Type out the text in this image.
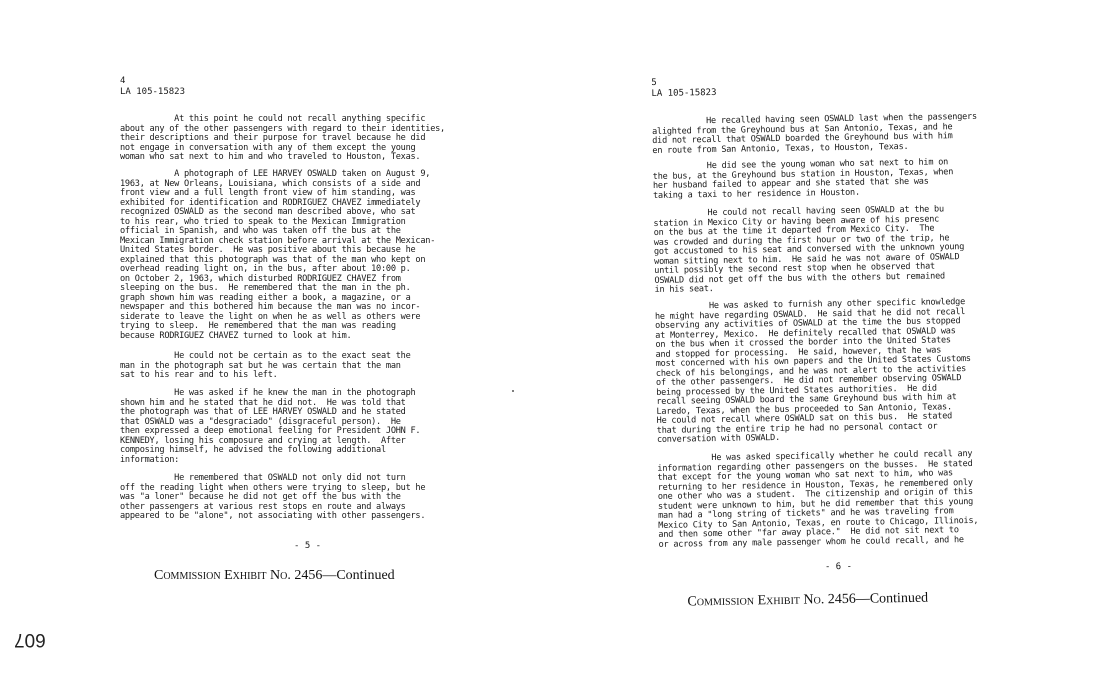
4
LA 105-15823
At this point he could not recall anything specific
about any of the other passengers with regard to their identities,
their descriptions and their purpose for travel because he did
not engage in conversation with any of them except the young
woman who sat next to him and who traveled to Houston, Texas.
A photograph of LEE HARVEY OSWALD taken on August 9,
1963, at New Orleans, Louisiana, which consists of a side and
front view and a full length front view of him standing, was
exhibited for identification and RODRIGUEZ CHAVEZ immediately
recognized OSWALD as the second man described above, who sat
to his rear, who tried to speak to the Mexican Immigration
official in Spanish, and who was taken off the bus at the
Mexican Immigration check station before arrival at the Mexican-
United States border.  He was positive about this because he
explained that this photograph was that of the man who kept on
overhead reading light on, in the bus, after about 10:00 p.
on October 2, 1963, which disturbed RODRIGUEZ CHAVEZ from
sleeping on the bus.  He remembered that the man in the ph.
graph shown him was reading either a book, a magazine, or a
newspaper and this bothered him because the man was no incor-
siderate to leave the light on when he as well as others were
trying to sleep.  He remembered that the man was reading
because RODRIGUEZ CHAVEZ turned to look at him.
He could not be certain as to the exact seat the
man in the photograph sat but he was certain that the man
sat to his rear and to his left.
He was asked if he knew the man in the photograph
shown him and he stated that he did not.  He was told that
the photograph was that of LEE HARVEY OSWALD and he stated
that OSWALD was a "desgraciado" (disgraceful person).  He
then expressed a deep emotional feeling for President JOHN F.
KENNEDY, losing his composure and crying at length.  After
composing himself, he advised the following additional
information:
He remembered that OSWALD not only did not turn
off the reading light when others were trying to sleep, but he
was "a loner" because he did not get off the bus with the
other passengers at various rest stops en route and always
appeared to be "alone", not associating with other passengers.
- 5 -
Commission Exhibit No. 2456—Continued
5
LA 105-15823
He recalled having seen OSWALD last when the passengers
alighted from the Greyhound bus at San Antonio, Texas, and he
did not recall that OSWALD boarded the Greyhound bus with him
en route from San Antonio, Texas, to Houston, Texas.
He did see the young woman who sat next to him on
the bus, at the Greyhound bus station in Houston, Texas, when
her husband failed to appear and she stated that she was
taking a taxi to her residence in Houston.
He could not recall having seen OSWALD at the bu
station in Mexico City or having been aware of his presenc
on the bus at the time it departed from Mexico City.  The
was crowded and during the first hour or two of the trip, he
got accustomed to his seat and conversed with the unknown young
woman sitting next to him.  He said he was not aware of OSWALD
until possibly the second rest stop when he observed that
OSWALD did not get off the bus with the others but remained
in his seat.
He was asked to furnish any other specific knowledge
he might have regarding OSWALD.  He said that he did not recall
observing any activities of OSWALD at the time the bus stopped
at Monterrey, Mexico.  He definitely recalled that OSWALD was
on the bus when it crossed the border into the United States
and stopped for processing.  He said, however, that he was
most concerned with his own papers and the United States Customs
check of his belongings, and he was not alert to the activities
of the other passengers.  He did not remember observing OSWALD
being processed by the United States authorities.  He did
recall seeing OSWALD board the same Greyhound bus with him at
Laredo, Texas, when the bus proceeded to San Antonio, Texas.
He could not recall where OSWALD sat on this bus.  He stated
that during the entire trip he had no personal contact or
conversation with OSWALD.
He was asked specifically whether he could recall any
information regarding other passengers on the busses.  He stated
that except for the young woman who sat next to him, who was
returning to her residence in Houston, Texas, he remembered only
one other who was a student.  The citizenship and origin of this
student were unknown to him, but he did remember that this young
man had a "long string of tickets" and he was traveling from
Mexico City to San Antonio, Texas, en route to Chicago, Illinois,
and then some other "far away place."  He did not sit next to
or across from any male passenger whom he could recall, and he
- 6 -
Commission Exhibit No. 2456—Continued
607
